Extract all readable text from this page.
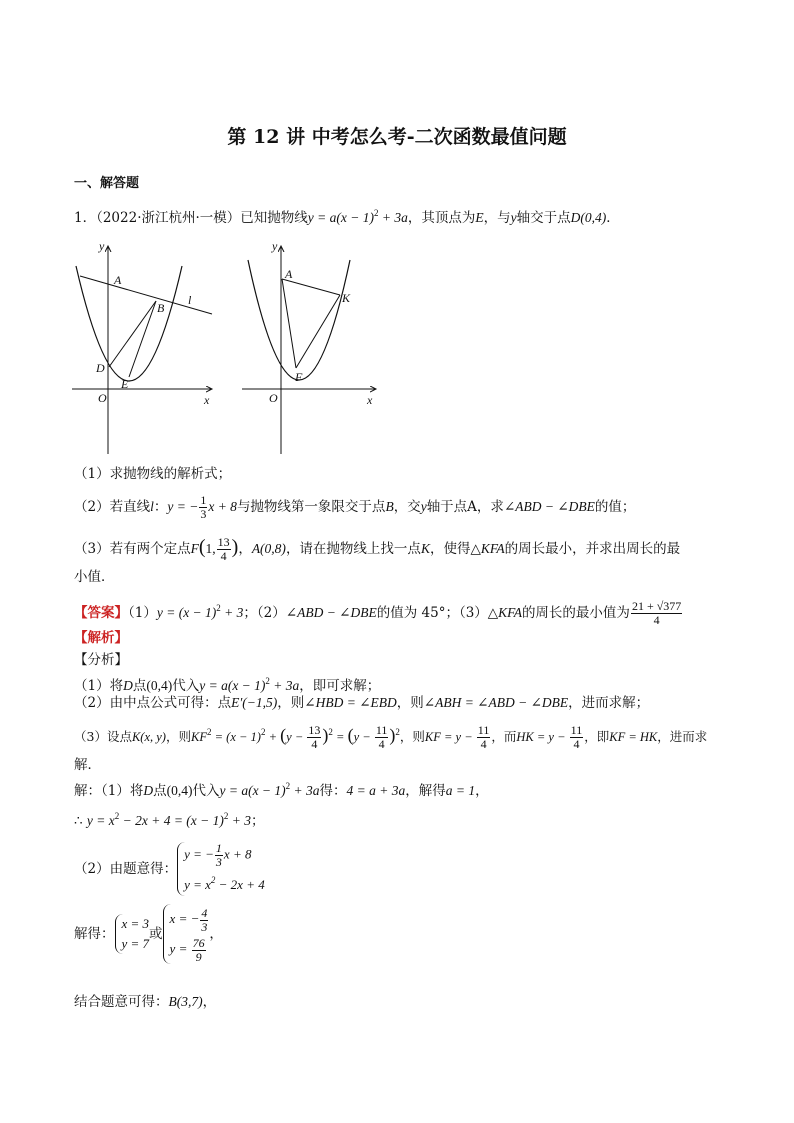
第 12 讲 中考怎么考-二次函数最值问题
一、解答题
1．（2022·浙江杭州·一模）已知抛物线$y = a(x - 1)^2 + 3a$，其顶点为E，与y轴交于点D(0,4)．
A
B
D
E
l
O	x
y
A
K
F
O	x
y
（1）求抛物线的解析式；
（2）若直线l：y = − $\frac{1}{3}$ x + 8与抛物线第一象限交于点B，交y轴于点A，求∠ABD − ∠DBE的值；
（3）若有两个定点F(1, $\frac{13}{4}$ )，A(0,8)，请在抛物线上找一点K，使得△KFA的周长最小，并求出周长的最
小值．
【答案】$(1)y = (x - 1)^2 + 3$；（2）∠ABD − ∠DBE的值为 45°；（3）△KFA的周长的最小值为 $\frac{21 + √377}{4}$
【解析】
【分析】
（1）将D点(0,4)代入$y = a(x - 1)^2 + 3a$，即可求解；
（2）由中点公式可得：点E′(−1,5)，则∠HBD = ∠EBD，则∠ABH = ∠ABD − ∠DBE，进而求解；
（3）设点K(x, y)，则$KF^2 = (x - 1)^2 + (y - \frac{13}{4} )^2 = (y - \frac{11}{4} )^2$，则KF = $y - \frac{11}{4}$ ，而HK = $y - \frac{11}{4}$ ，即KF = HK，进而求
解．
解：（1）将D点(0,4)代入$y = a(x - 1)^2 + 3a$得：4 = a + 3a，解得a = 1，
∴ $y = x^2 - 2x + 4 = (x - 1)^2 + 3$；
（2）由题意得：
y = − $\frac{1}{3}$ x + 8
$y = x^2 - 2x + 4$
解得：
x = 3
y = 7
或
x = − $\frac{4}{3}$
$y = \frac{76}{9}$
，
结合题意可得：B(3,7)，
